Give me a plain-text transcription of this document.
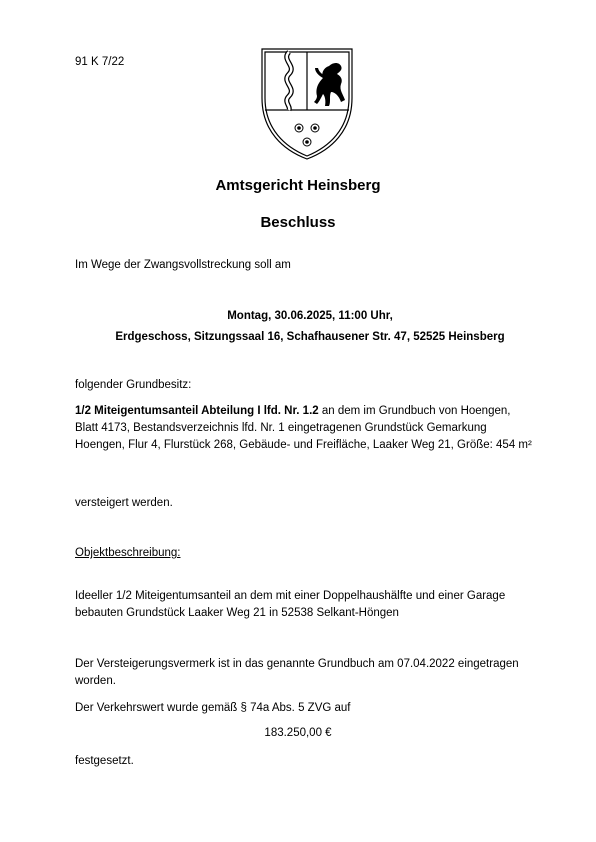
91 K 7/22
Amtsgericht Heinsberg
Beschluss
Im Wege der Zwangsvollstreckung soll am
Montag, 30.06.2025, 11:00 Uhr,
Erdgeschoss, Sitzungssaal 16, Schafhausener Str. 47, 52525 Heinsberg
folgender Grundbesitz:
1/2 Miteigentumsanteil Abteilung I lfd. Nr. 1.2 an dem im Grundbuch von Hoengen, Blatt 4173, Bestandsverzeichnis lfd. Nr. 1 eingetragenen Grundstück Gemarkung Hoengen, Flur 4, Flurstück 268, Gebäude- und Freifläche, Laaker Weg 21, Größe: 454 m²
versteigert werden.
Objektbeschreibung:
Ideeller 1/2 Miteigentumsanteil an dem mit einer Doppelhaushälfte und einer Garage bebauten Grundstück Laaker Weg 21 in 52538 Selkant-Höngen
Der Versteigerungsvermerk ist in das genannte Grundbuch am 07.04.2022 eingetragen worden.
Der Verkehrswert wurde gemäß § 74a Abs. 5 ZVG auf
183.250,00 €
festgesetzt.
